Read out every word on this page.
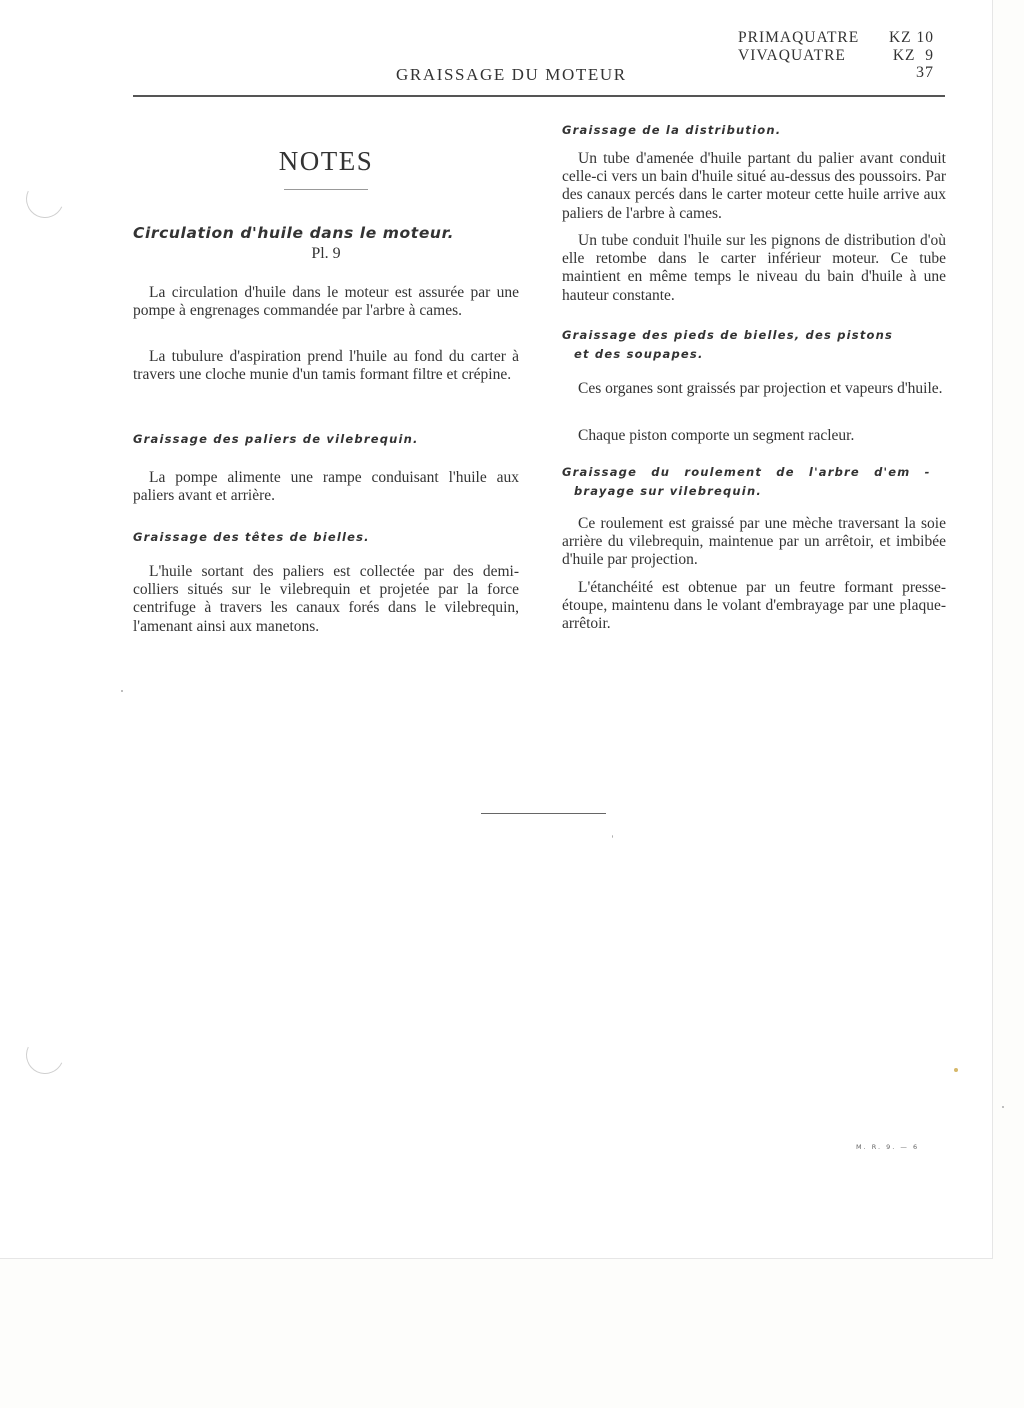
PRIMAQUATRE KZ 10
VIVAQUATRE	KZ  9
GRAISSAGE DU MOTEUR	37
NOTES
Circulation d'huile dans le moteur.
Pl. 9

La circulation d'huile dans le moteur est assurée par une pompe à engrenages commandée par l'arbre à cames.

La tubulure d'aspiration prend l'huile au fond du carter à travers une cloche munie d'un tamis formant filtre et crépine.

Graissage des paliers de vilebrequin.

La pompe alimente une rampe conduisant l'huile aux paliers avant et arrière.

Graissage des têtes de bielles.

L'huile sortant des paliers est collectée par des demi-colliers situés sur le vilebrequin et projetée par la force centrifuge à travers les canaux forés dans le vilebrequin, l'amenant ainsi aux manetons.

Graissage de la distribution.

Un tube d'amenée d'huile partant du palier avant conduit celle-ci vers un bain d'huile situé au-dessus des poussoirs. Par des canaux percés dans le carter moteur cette huile arrive aux paliers de l'arbre à cames.

Un tube conduit l'huile sur les pignons de distribution d'où elle retombe dans le carter inférieur moteur. Ce tube maintient en même temps le niveau du bain d'huile à une hauteur constante.

Graissage des pieds de bielles, des pistons
et des soupapes.

Ces organes sont graissés par projection et vapeurs d'huile.

Chaque piston comporte un segment racleur.

Graissage du roulement de l'arbre d'em -
brayage sur vilebrequin.

Ce roulement est graissé par une mèche traversant la soie arrière du vilebrequin, maintenue par un arrêtoir, et imbibée d'huile par projection.

L'étanchéité est obtenue par un feutre formant presse-étoupe, maintenu dans le volant d'embrayage par une plaque-arrêtoir.

M. R. 9. — 6
